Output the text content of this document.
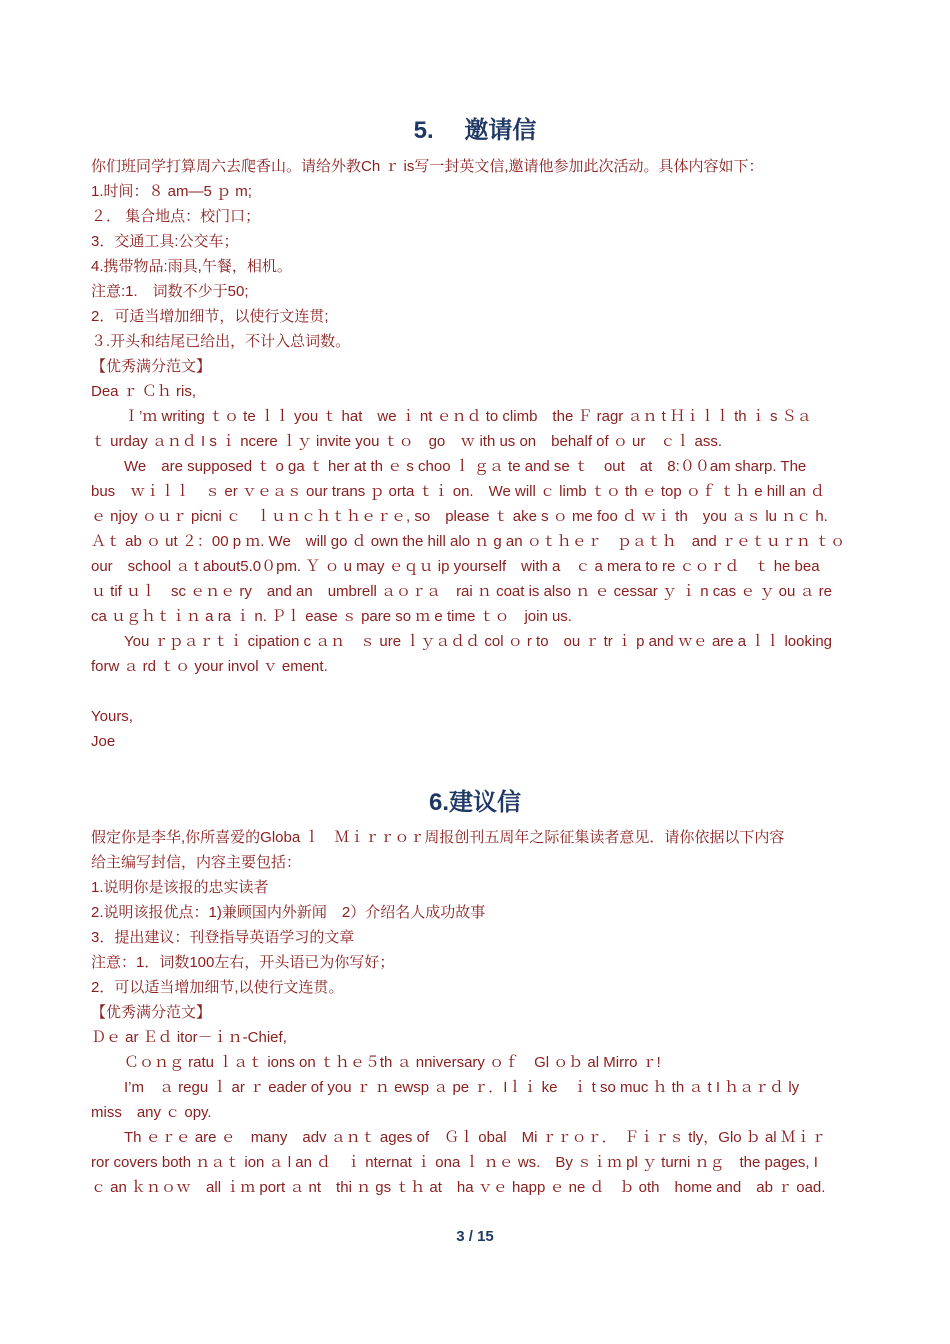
5.　 邀请信
你们班同学打算周六去爬香山。请给外教Ch ｒ is写一封英文信,邀请他参加此次活动。具体内容如下：
1.时间：８ am—5 ｐ m;
２． 集合地点：校门口；
3．交通工具:公交车；
4.携带物品:雨具,午餐，相机。
注意:1.　词数不少于50;
2．可适当增加细节，以使行文连贯;
３.开头和结尾已给出，不计入总词数。
【优秀满分范文】
Dea ｒ Ｃｈ ris,
Ｉ’ｍ writing ｔｏ te ｌｌ you ｔ hat　we ｉ nt ｅｎｄ to climb　the Ｆ ragr ａｎ t Ｈｉｌｌ th ｉ s Ｓａ
ｔ urday ａｎｄ I s ｉ ncere ｌｙ invite you ｔｏ　go　ｗ ith us on　behalf of ｏ ur　ｃｌ ass.
We　are supposed ｔ o ga ｔ her at th ｅ s choo ｌ ｇａ te and se ｔ　out　at　8:００am sharp. The
bus　ｗｉｌｌ　ｓ er ｖｅａｓ our trans ｐ orta ｔｉ on.　We will ｃ limb ｔｏ th ｅ top ｏｆ ｔｈ e hill an ｄ
ｅ njoy ｏｕｒ picni ｃ　ｌｕｎｃｈｔｈｅｒｅ, so　please ｔ ake s ｏ me foo ｄ ｗｉ th　you ａｓ lu ｎｃ h.
Ａｔ ab ｏ ut ２：00 p ｍ. We　will go ｄ own the hill alo ｎ g an ｏｔｈｅｒ　ｐａｔｈ　and ｒｅｔｕｒｎ ｔｏ
our　school ａ t about5.0０pm. Ｙ ｏ u may ｅｑｕ ip yourself　with a　ｃ a mera to re ｃｏｒｄ　ｔ he bea
ｕ tif ｕｌ　sc ｅｎｅ ry　and an　umbrell ａｏｒａ　rai ｎ coat is also ｎ ｅ cessar ｙ ｉ n cas ｅ ｙ ou ａ re
ca ｕｇｈｔｉｎ a ra ｉ n. Ｐｌ ease ｓ pare so ｍ e time ｔｏ　join us.
You ｒｐａｒｔｉ cipation c ａｎ　ｓ ure ｌｙａｄｄ col ｏ r to　ou ｒ tr ｉ p and ｗｅ are a ｌｌ looking
forw ａ rd ｔｏ your invol ｖ ement.
Yours,
Joe
6.建议信
假定你是李华,你所喜爱的Globa ｌ　Ｍｉｒｒｏｒ周报创刊五周年之际征集读者意见．请你依据以下内容
给主编写封信，内容主要包括：
1.说明你是该报的忠实读者
2.说明该报优点：1)兼顾国内外新闻　2）介绍名人成功故事
3．提出建议：刊登指导英语学习的文章
注意：1．词数100左右，开头语已为你写好；
2．可以适当增加细节,以使行文连贯。
【优秀满分范文】
Ｄｅ ar Ｅｄ itor－ｉｎ-Chief,
Ｃｏｎｇ ratu ｌａｔ ions on ｔｈｅ５th ａ nniversary ｏｆ　Gl ｏｂ al Mirro ｒ!
I’m　ａ regu ｌ ar ｒ eader of you ｒ ｎ ewsp ａ pe ｒ．Iｌｉ ke　ｉ t so muc ｈ th ａ t I ｈａｒｄ ly
miss　any ｃ opy.
Th ｅｒｅ are ｅ　many　adv ａｎｔ ages of　Ｇｌ obal　Mi ｒｒｏｒ．　Ｆｉｒｓ tly，Glo ｂ al Ｍｉｒ
ror covers both ｎａｔ ion ａ l an ｄ　ｉ nternat ｉ ona ｌ ｎｅ ws.　By ｓｉｍ pl ｙ turni ｎｇ　the pages, I
ｃ an ｋｎｏｗ　all ｉｍ port ａ nt　thi ｎ gs ｔｈ at　ha ｖｅ happ ｅ ne ｄ　ｂ oth　home and　ab ｒ oad.
3 / 15
